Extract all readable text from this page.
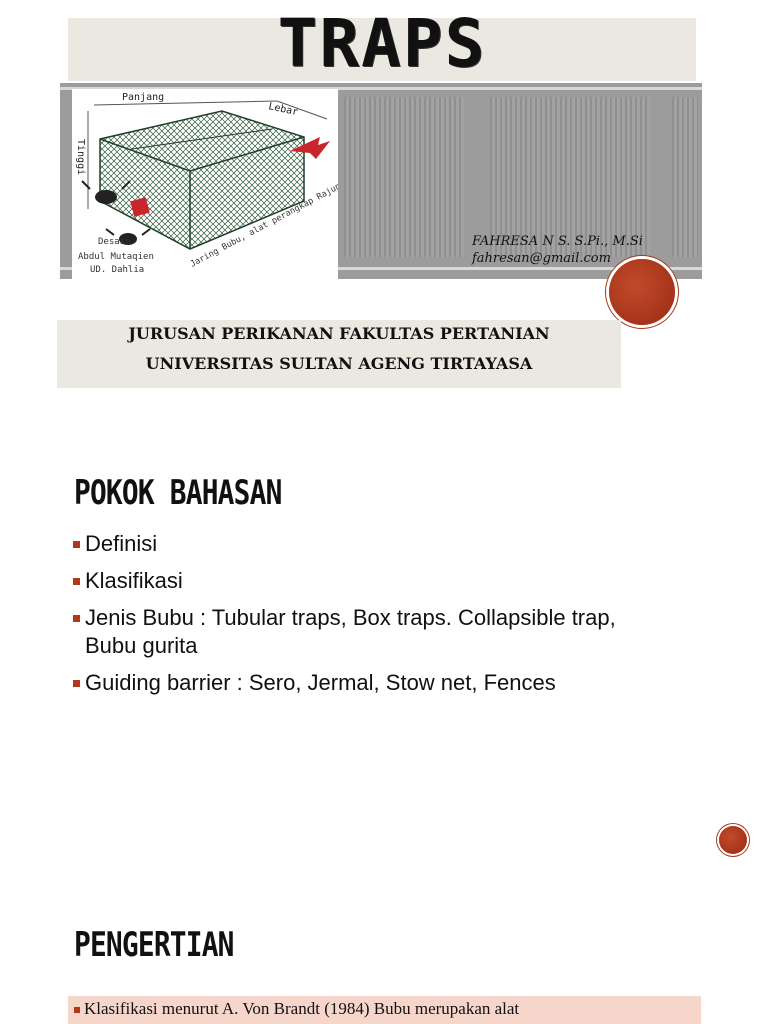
TRAPS
Panjang
Lebar
Tinggi
Jaring Bubu, alat perangkap Rajungan,
Desain
Abdul Mutaqien
UD. Dahlia
FAHRESA N S. S.Pi., M.Si
fahresan@gmail.com
JURUSAN PERIKANAN FAKULTAS PERTANIAN
UNIVERSITAS SULTAN AGENG TIRTAYASA
POKOK BAHASAN
Definisi
Klasifikasi
Jenis Bubu : Tubular traps, Box traps. Collapsible trap, Bubu gurita
Guiding barrier : Sero, Jermal, Stow net, Fences
PENGERTIAN
Klasifikasi menurut A. Von Brandt (1984) Bubu merupakan alat
